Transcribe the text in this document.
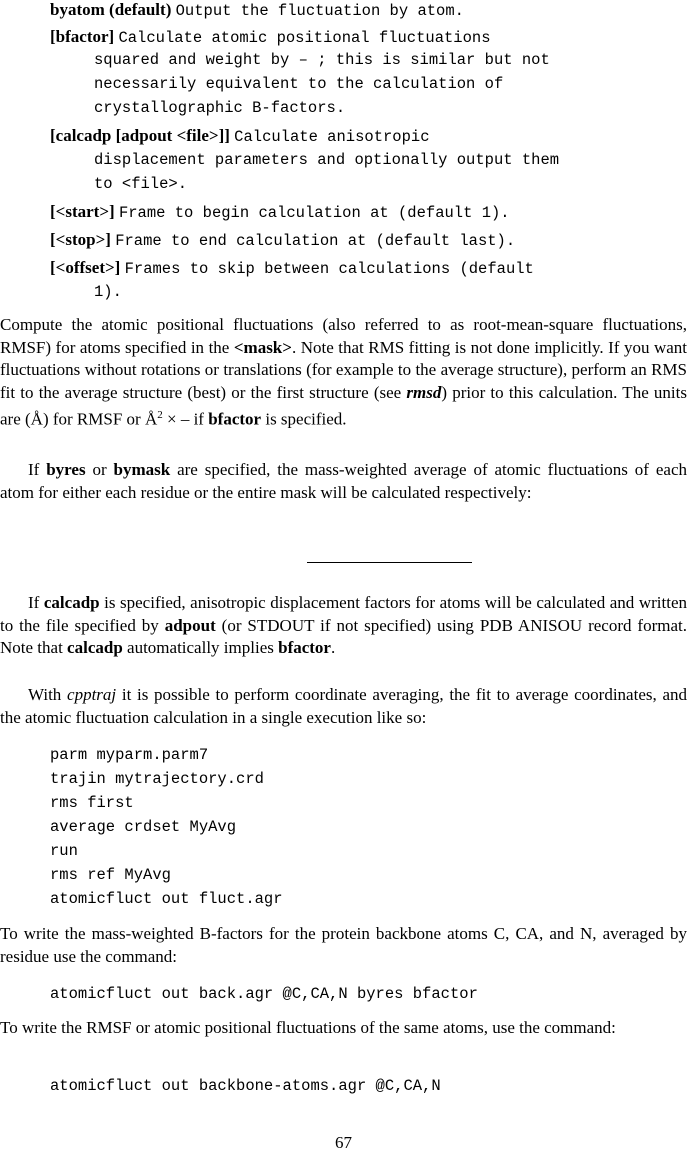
byatom (default) Output the fluctuation by atom.
[bfactor] Calculate atomic positional fluctuations
squared and weight by – ; this is similar but not
necessarily equivalent to the calculation of
crystallographic B-factors.
[calcadp [adpout <file>]] Calculate anisotropic
displacement parameters and optionally output them
to <file>.
[<start>] Frame to begin calculation at (default 1).
[<stop>] Frame to end calculation at (default last).
[<offset>] Frames to skip between calculations (default
1).
Compute the atomic positional fluctuations (also referred to as root-mean-square fluctuations, RMSF) for atoms specified in the <mask>. Note that RMS fitting is not done implicitly. If you want fluctuations without rotations or translations (for example to the average structure), perform an RMS fit to the average structure (best) or the first structure (see rmsd) prior to this calculation. The units are (Å) for RMSF or $Å^2$ × – if bfactor is specified.
If byres or bymask are specified, the mass-weighted average of atomic fluctuations of each atom for either each residue or the entire mask will be calculated respectively:
If calcadp is specified, anisotropic displacement factors for atoms will be calculated and written to the file specified by adpout (or STDOUT if not specified) using PDB ANISOU record format. Note that calcadp automatically implies bfactor.
With cpptraj it is possible to perform coordinate averaging, the fit to average coordinates, and the atomic fluctuation calculation in a single execution like so:
parm myparm.parm7
trajin mytrajectory.crd
rms first
average crdset MyAvg
run
rms ref MyAvg
atomicfluct out fluct.agr
To write the mass-weighted B-factors for the protein backbone atoms C, CA, and N, averaged by residue use the command:
atomicfluct out back.agr @C,CA,N byres bfactor
To write the RMSF or atomic positional fluctuations of the same atoms, use the command:
atomicfluct out backbone-atoms.agr @C,CA,N
67
